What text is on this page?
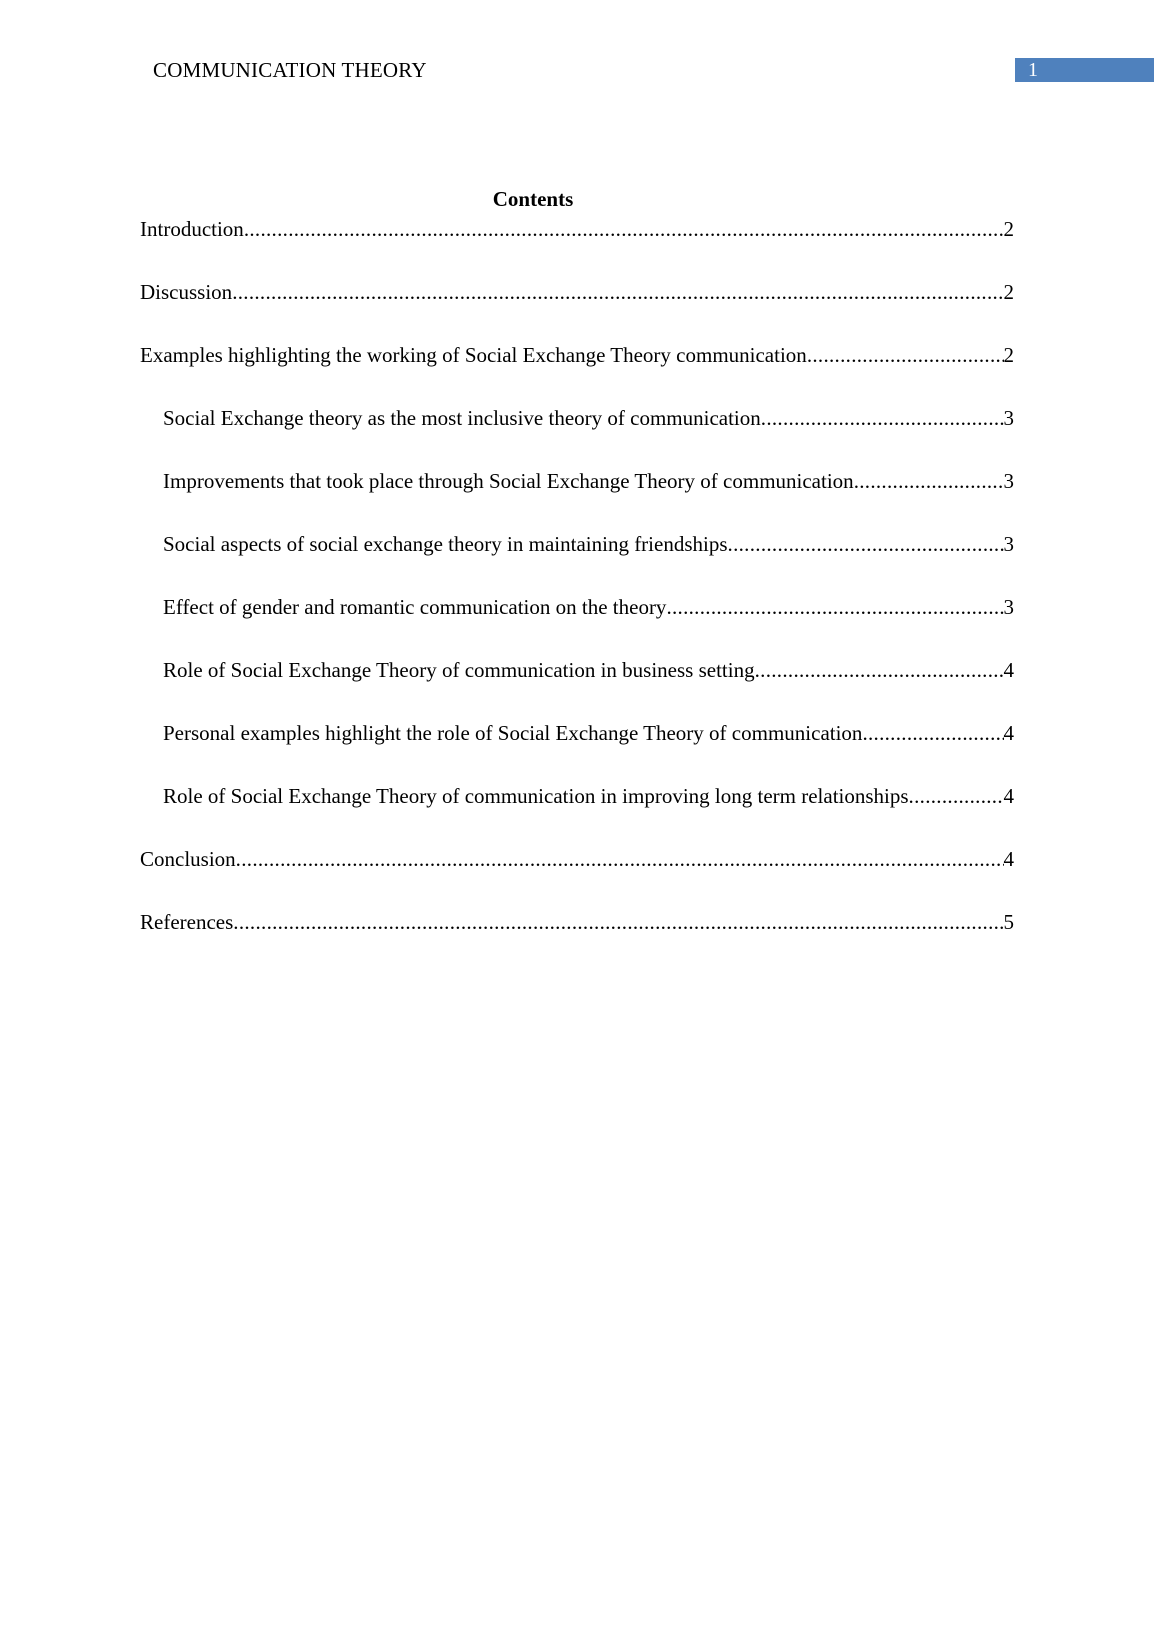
COMMUNICATION THEORY	1
Contents
Introduction .....	2
Discussion .....	2
Examples highlighting the working of Social Exchange Theory communication .....	2
Social Exchange theory as the most inclusive theory of communication .....	3
Improvements that took place through Social Exchange Theory of communication .....	3
Social aspects of social exchange theory in maintaining friendships .....	3
Effect of gender and romantic communication on the theory .....	3
Role of Social Exchange Theory of communication in business setting .....	4
Personal examples highlight the role of Social Exchange Theory of communication .....	4
Role of Social Exchange Theory of communication in improving long term relationships .....	4
Conclusion .....	4
References .....	5
